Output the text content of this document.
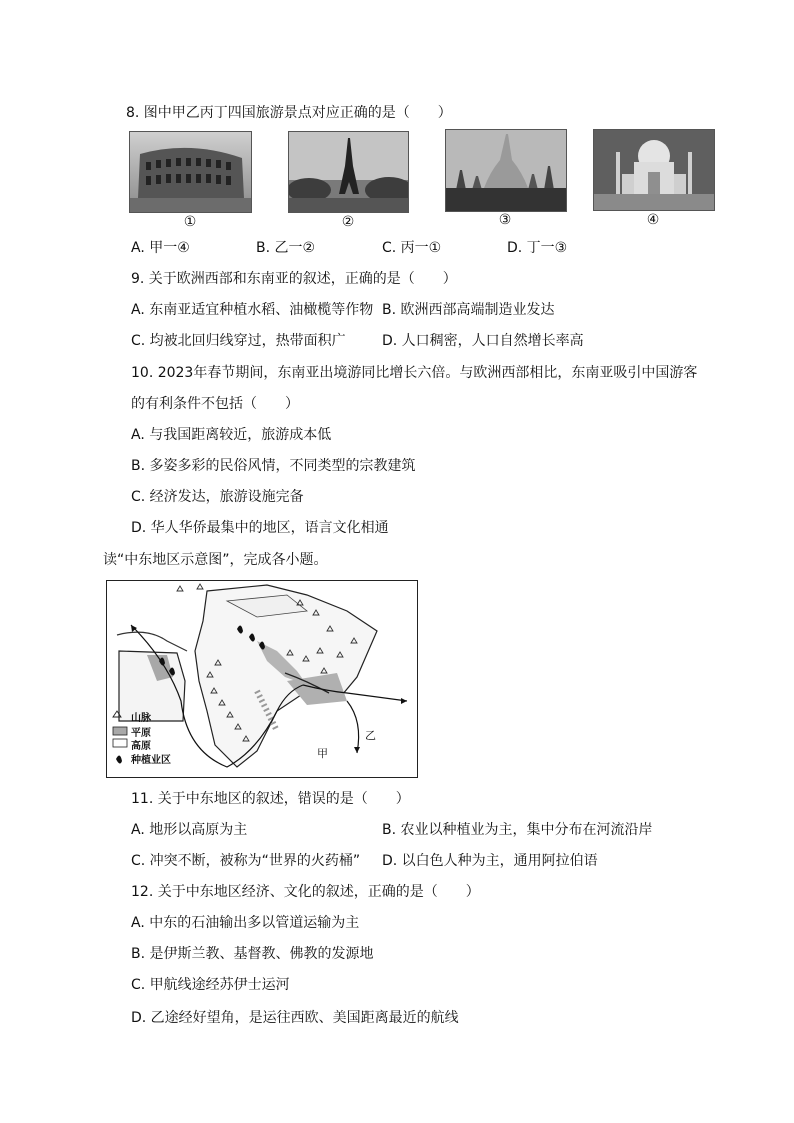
8. 图中甲乙丙丁四国旅游景点对应正确的是（　　）
①	②	③	④
A. 甲一④	B. 乙一②	C. 丙一①	D. 丁一③
9. 关于欧洲西部和东南亚的叙述，正确的是（　　）
A. 东南亚适宜种植水稻、油橄榄等作物 B. 欧洲西部高端制造业发达
C. 均被北回归线穿过，热带面积广	D. 人口稠密，人口自然增长率高
10. 2023年春节期间，东南亚出境游同比增长六倍。与欧洲西部相比，东南亚吸引中国游客
的有利条件不包括（　　）
A. 与我国距离较近，旅游成本低
B. 多姿多彩的民俗风情，不同类型的宗教建筑
C. 经济发达，旅游设施完备
D. 华人华侨最集中的地区，语言文化相通
读“中东地区示意图”，完成各小题。
山脉
平原
高原
种植业区
甲
乙
11. 关于中东地区的叙述，错误的是（　　）
A. 地形以高原为主	B. 农业以种植业为主，集中分布在河流沿岸
C. 冲突不断，被称为“世界的火药桶” D. 以白色人种为主，通用阿拉伯语
12. 关于中东地区经济、文化的叙述，正确的是（　　）
A. 中东的石油输出多以管道运输为主
B. 是伊斯兰教、基督教、佛教的发源地
C. 甲航线途经苏伊士运河
D. 乙途经好望角，是运往西欧、美国距离最近的航线
